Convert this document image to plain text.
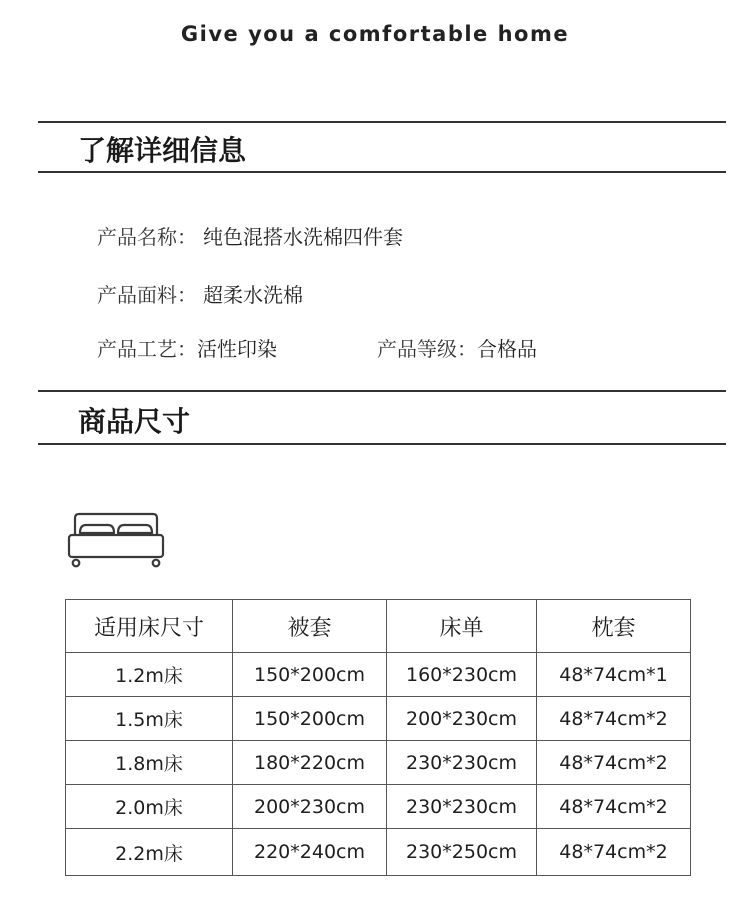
Give you a comfortable home
了解详细信息
产品名称： 纯色混搭水洗棉四件套
产品面料： 超柔水洗棉
产品工艺：活性印染	产品等级：合格品
商品尺寸
适用床尺寸	被套	床单	枕套
1.2m床	150*200cm	160*230cm	48*74cm*1
1.5m床	150*200cm	200*230cm	48*74cm*2
1.8m床	180*220cm	230*230cm	48*74cm*2
2.0m床	200*230cm	230*230cm	48*74cm*2
2.2m床	220*240cm	230*250cm	48*74cm*2
